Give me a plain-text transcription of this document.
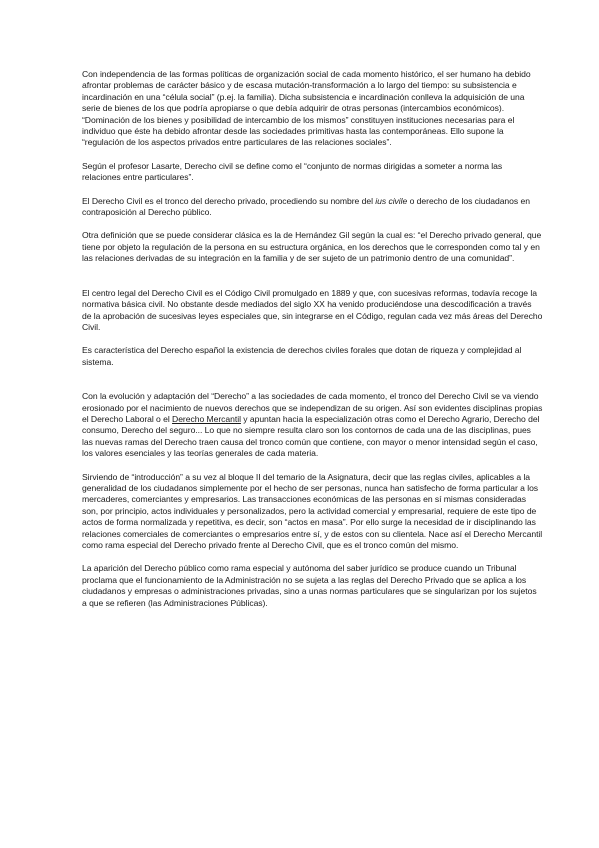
Con independencia de las formas políticas de organización social de cada momento histórico, el ser humano ha debido afrontar problemas de carácter básico y de escasa mutación-transformación a lo largo del tiempo: su subsistencia e incardinación en una “célula social” (p.ej. la familia). Dicha subsistencia e incardinación conlleva la adquisición de una serie de bienes de los que podría apropiarse o que debía adquirir de otras personas (intercambios económicos). “Dominación de los bienes y posibilidad de intercambio de los mismos” constituyen instituciones necesarias para el individuo que éste ha debido afrontar desde las sociedades primitivas hasta las contemporáneas. Ello supone la “regulación de los aspectos privados entre particulares de las relaciones sociales”.

Según el profesor Lasarte, Derecho civil se define como el “conjunto de normas dirigidas a someter a norma las relaciones entre particulares”.

El Derecho Civil es el tronco del derecho privado, procediendo su nombre del ius civile o derecho de los ciudadanos en contraposición al Derecho público.

Otra definición que se puede considerar clásica es la de Hernández Gil según la cual es: “el Derecho privado general, que tiene por objeto la regulación de la persona en su estructura orgánica, en los derechos que le corresponden como tal y en las relaciones derivadas de su integración en la familia y de ser sujeto de un patrimonio dentro de una comunidad”.

El centro legal del Derecho Civil es el Código Civil promulgado en 1889 y que, con sucesivas reformas, todavía recoge la normativa básica civil. No obstante desde mediados del siglo XX ha venido produciéndose una descodificación a través de la aprobación de sucesivas leyes especiales que, sin integrarse en el Código, regulan cada vez más áreas del Derecho Civil.

Es característica del Derecho español la existencia de derechos civiles forales que dotan de riqueza y complejidad al sistema.

Con la evolución y adaptación del “Derecho” a las sociedades de cada momento, el tronco del Derecho Civil se va viendo erosionado por el nacimiento de nuevos derechos que se independizan de su origen. Así son evidentes disciplinas propias el Derecho Laboral o el Derecho Mercantil y apuntan hacia la especialización otras como el Derecho Agrario, Derecho del consumo, Derecho del seguro... Lo que no siempre resulta claro son los contornos de cada una de las disciplinas, pues las nuevas ramas del Derecho traen causa del tronco común que contiene, con mayor o menor intensidad según el caso, los valores esenciales y las teorías generales de cada materia.

Sirviendo de “introducción” a su vez al bloque II del temario de la Asignatura, decir que las reglas civiles, aplicables a la generalidad de los ciudadanos simplemente por el hecho de ser personas, nunca han satisfecho de forma particular a los mercaderes, comerciantes y empresarios. Las transacciones económicas de las personas en sí mismas consideradas son, por principio, actos individuales y personalizados, pero la actividad comercial y empresarial, requiere de este tipo de actos de forma normalizada y repetitiva, es decir, son “actos en masa”. Por ello surge la necesidad de ir disciplinando las relaciones comerciales de comerciantes o empresarios entre sí, y de estos con su clientela. Nace así el Derecho Mercantil como rama especial del Derecho privado frente al Derecho Civil, que es el tronco común del mismo.

La aparición del Derecho público como rama especial y autónoma del saber jurídico se produce cuando un Tribunal proclama que el funcionamiento de la Administración no se sujeta a las reglas del Derecho Privado que se aplica a los ciudadanos y empresas o administraciones privadas, sino a unas normas particulares que se singularizan por los sujetos a que se refieren (las Administraciones Públicas).
